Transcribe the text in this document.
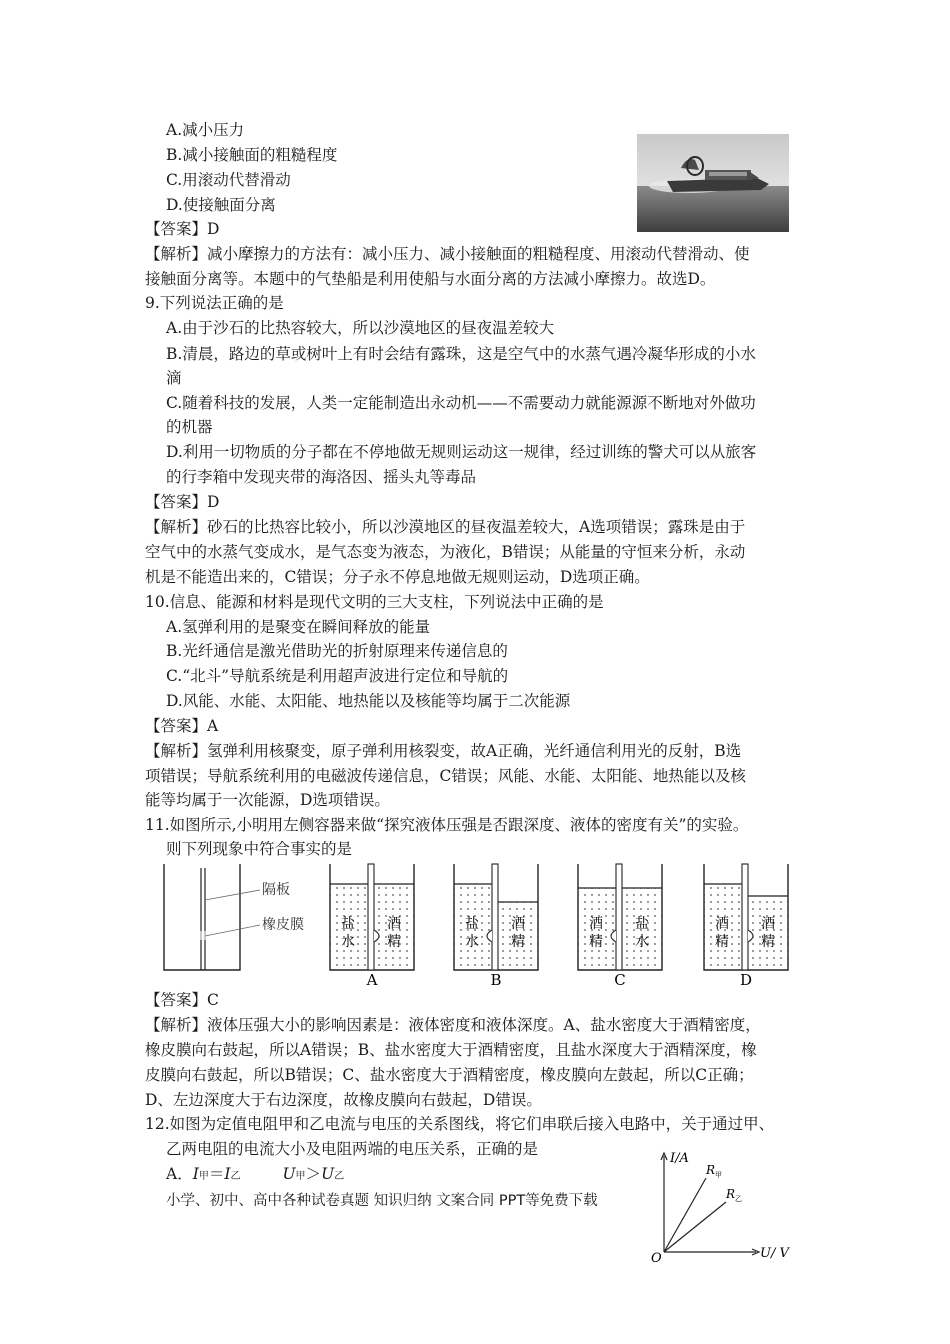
A.减小压力
B.减小接触面的粗糙程度
C.用滚动代替滑动
D.使接触面分离
【答案】D
【解析】减小摩擦力的方法有：减小压力、减小接触面的粗糙程度、用滚动代替滑动、使
接触面分离等。本题中的气垫船是利用使船与水面分离的方法减小摩擦力。故选D。
9.下列说法正确的是
A.由于沙石的比热容较大，所以沙漠地区的昼夜温差较大
B.清晨，路边的草或树叶上有时会结有露珠，这是空气中的水蒸气遇冷凝华形成的小水
滴
C.随着科技的发展，人类一定能制造出永动机——不需要动力就能源源不断地对外做功
的机器
D.利用一切物质的分子都在不停地做无规则运动这一规律，经过训练的警犬可以从旅客
的行李箱中发现夹带的海洛因、摇头丸等毒品
【答案】D
【解析】砂石的比热容比较小，所以沙漠地区的昼夜温差较大，A选项错误；露珠是由于
空气中的水蒸气变成水，是气态变为液态，为液化，B错误；从能量的守恒来分析，永动
机是不能造出来的，C错误；分子永不停息地做无规则运动，D选项正确。
10.信息、能源和材料是现代文明的三大支柱，下列说法中正确的是
A.氢弹利用的是聚变在瞬间释放的能量
B.光纤通信是激光借助光的折射原理来传递信息的
C.“北斗”导航系统是利用超声波进行定位和导航的
D.风能、水能、太阳能、地热能以及核能等均属于二次能源
【答案】A
【解析】氢弹利用核聚变，原子弹利用核裂变，故A正确，光纤通信利用光的反射，B选
项错误；导航系统利用的电磁波传递信息，C错误；风能、水能、太阳能、地热能以及核
能等均属于一次能源，D选项错误。
11.如图所示,小明用左侧容器来做“探究液体压强是否跟深度、液体的密度有关”的实验。
则下列现象中符合事实的是
隔板
橡皮膜	盐水
酒精
A
盐水
酒精
B
酒精
盐水
C
酒精
酒精
D
【答案】C
【解析】液体压强大小的影响因素是：液体密度和液体深度。A、盐水密度大于酒精密度，
橡皮膜向右鼓起，所以A错误；B、盐水密度大于酒精密度，且盐水深度大于酒精深度，橡
皮膜向右鼓起，所以B错误；C、盐水密度大于酒精密度，橡皮膜向左鼓起，所以C正确；
D、左边深度大于右边深度，故橡皮膜向右鼓起，D错误。
12.如图为定值电阻甲和乙电流与电压的关系图线，将它们串联后接入电路中，关于通过甲、
乙两电阻的电流大小及电阻两端的电压关系，正确的是
A．I甲＝I乙	U甲＞U乙
小学、初中、高中各种试卷真题 知识归纳 文案合同 PPT等免费下载
I/A
U/ V
O
$R_甲$
$R_乙$
